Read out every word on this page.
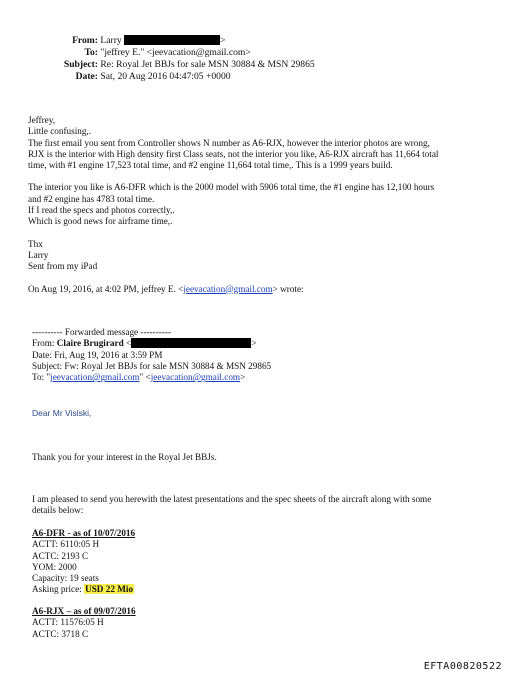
From: Larry	>
To: "jeffrey E." <jeevacation@gmail.com>
Subject: Re: Royal Jet BBJs for sale MSN 30884 & MSN 29865
Date: Sat, 20 Aug 2016 04:47:05 +0000
Jeffrey,
Little confusing,.
The first email you sent from Controller shows N number as A6-RJX, however the interior photos are wrong,
RJX is the interior with High density first Class seats, not the interior you like, A6-RJX aircraft has 11,664 total
time, with #1 engine 17,523 total time, and #2 engine 11,664 total time,. This is a 1999 years build.
The interior you like is A6-DFR which is the 2000 model with 5906 total time, the #1 engine has 12,100 hours
and #2 engine has 4783 total time.
If I read the specs and photos correctly,.
Which is good news for airframe time,.
Thx
Larry
Sent from my iPad
On Aug 19, 2016, at 4:02 PM, jeffrey E. <jeevacation@gmail.com> wrote:
---------- Forwarded message ----------
From: Claire Brugirard <	>
Date: Fri, Aug 19, 2016 at 3:59 PM
Subject: Fw: Royal Jet BBJs for sale MSN 30884 & MSN 29865
To: "jeevacation@gmail.com" <jeevacation@gmail.com>
Dear Mr Vislski,
Thank you for your interest in the Royal Jet BBJs.
I am pleased to send you herewith the latest presentations and the spec sheets of the aircraft along with some
details below:
A6-DFR - as of 10/07/2016
ACTT: 6110:05 H
ACTC: 2193 C
YOM: 2000
Capacity: 19 seats
Asking price: USD 22 Mio
A6-RJX – as of 09/07/2016
ACTT: 11576:05 H
ACTC: 3718 C
EFTA00820522
